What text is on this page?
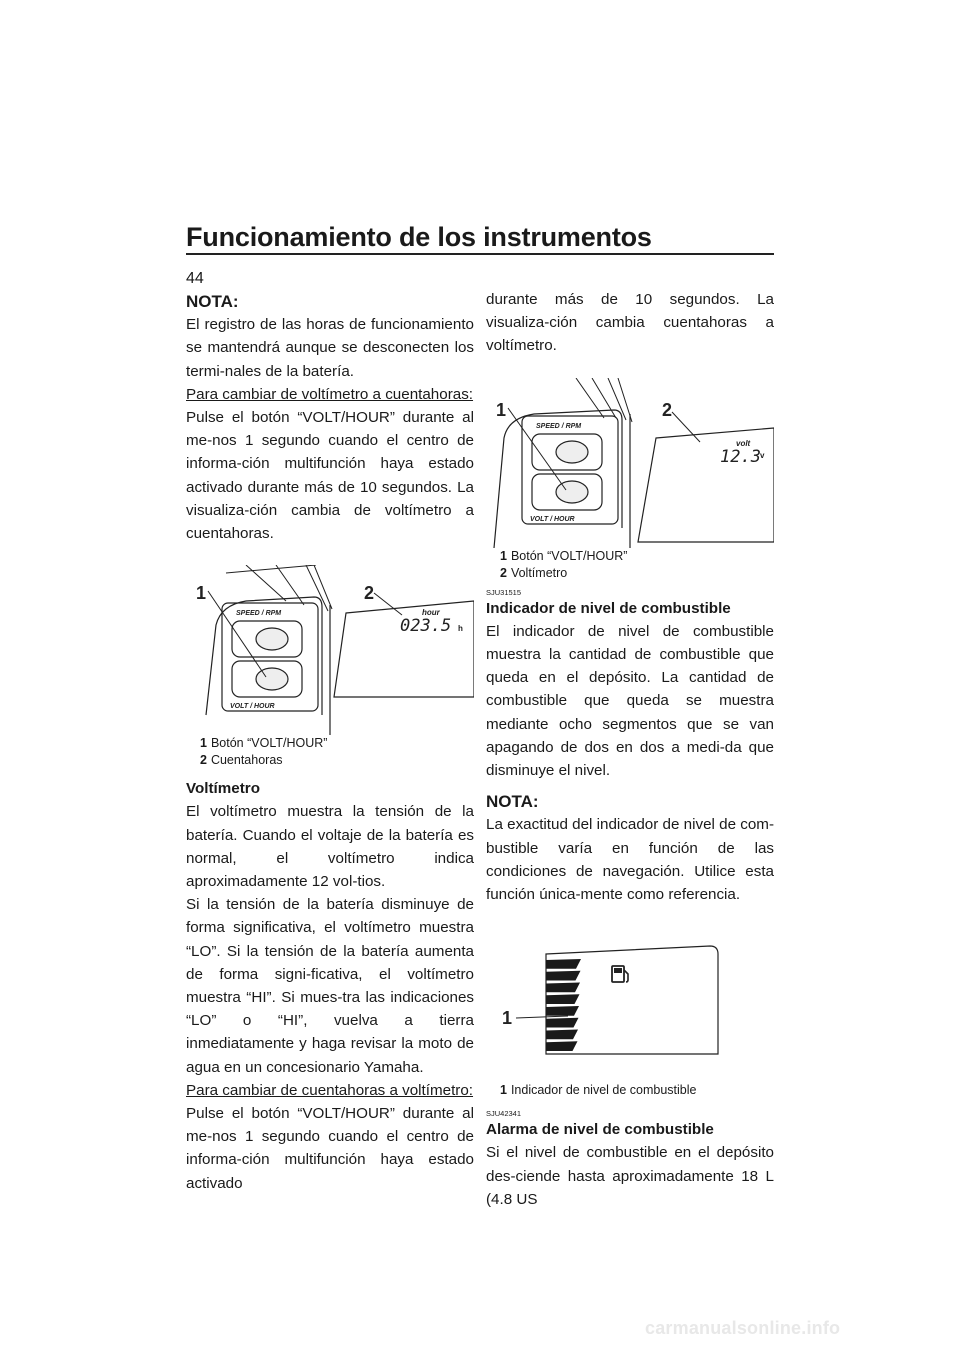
Funcionamiento de los instrumentos
44

NOTA:

El registro de las horas de funcionamiento se mantendrá aunque se desconecten los termi-nales de la batería.

Para cambiar de voltímetro a cuentahoras:

Pulse el botón “VOLT/HOUR” durante al me-nos 1 segundo cuando el centro de informa-ción multifunción haya estado activado durante más de 10 segundos. La visualiza-ción cambia de voltímetro a cuentahoras.

SPEED / RPM
VOLT / HOUR
1	2
hour
023.5 h
1 Botón “VOLT/HOUR”
2 Cuentahoras

Voltímetro

El voltímetro muestra la tensión de la batería. Cuando el voltaje de la batería es normal, el voltímetro indica aproximadamente 12 vol-tios.

Si la tensión de la batería disminuye de forma significativa, el voltímetro muestra “LO”. Si la tensión de la batería aumenta de forma signi-ficativa, el voltímetro muestra “HI”. Si mues-tra las indicaciones “LO” o “HI”, vuelva a tierra inmediatamente y haga revisar la moto de agua en un concesionario Yamaha.

Para cambiar de cuentahoras a voltímetro:

Pulse el botón “VOLT/HOUR” durante al me-nos 1 segundo cuando el centro de informa-ción multifunción haya estado activado

durante más de 10 segundos. La visualiza-ción cambia cuentahoras a voltímetro.

SPEED / RPM
VOLT / HOUR
1	2
volt
12.3 v
1 Botón “VOLT/HOUR”
2 Voltímetro

SJU31515

Indicador de nivel de combustible

El indicador de nivel de combustible muestra la cantidad de combustible que queda en el depósito. La cantidad de combustible que queda se muestra mediante ocho segmentos que se van apagando de dos en dos a medi-da que disminuye el nivel.

NOTA:

La exactitud del indicador de nivel de com-bustible varía en función de las condiciones de navegación. Utilice esta función única-mente como referencia.

1
1 Indicador de nivel de combustible

SJU42341

Alarma de nivel de combustible

Si el nivel de combustible en el depósito des-ciende hasta aproximadamente 18 L (4.8 US

carmanualsonline.info
